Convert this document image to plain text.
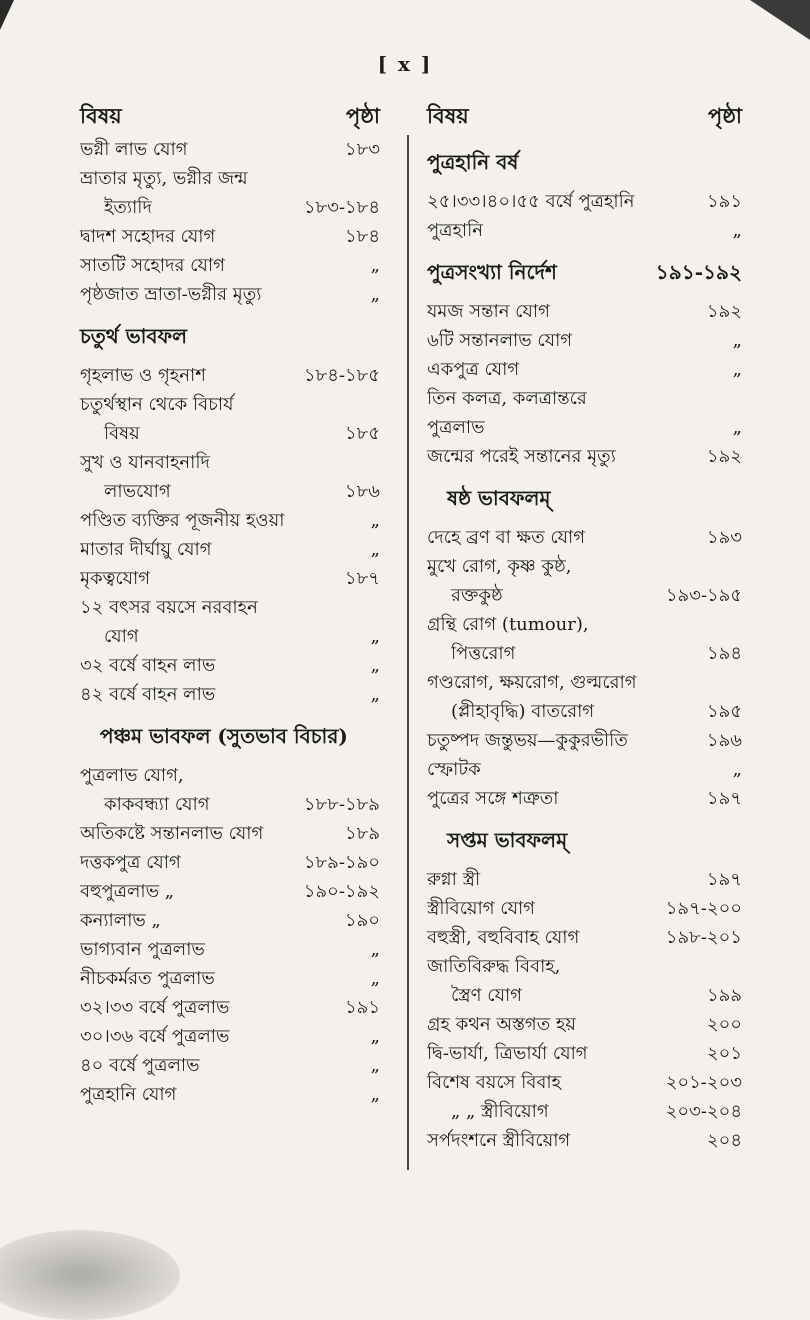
[ x ]
বিষয়	পৃষ্ঠা
ভগ্নী লাভ যোগ	১৮৩
ভ্রাতার মৃত্যু, ভগ্নীর জন্ম
ইত্যাদি	১৮৩-১৮৪
দ্বাদশ সহোদর যোগ	১৮৪
সাতটি সহোদর যোগ	„
পৃষ্ঠজাত ভ্রাতা-ভগ্নীর মৃত্যু	„
চতুর্থ ভাবফল
গৃহলাভ ও গৃহনাশ	১৮৪-১৮৫
চতুর্থস্থান থেকে বিচার্য
বিষয়	১৮৫
সুখ ও যানবাহনাদি
লাভযোগ	১৮৬
পণ্ডিত ব্যক্তির পূজনীয় হওয়া	„
মাতার দীর্ঘায়ু যোগ	„
মৃকত্বযোগ	১৮৭
১২ বৎসর বয়সে নরবাহন
যোগ	„
৩২ বর্ষে বাহন লাভ	„
৪২ বর্ষে বাহন লাভ	„
পঞ্চম ভাবফল (সুতভাব বিচার)
পুত্রলাভ যোগ,
কাকবন্ধ্যা যোগ	১৮৮-১৮৯
অতিকষ্টে সন্তানলাভ যোগ	১৮৯
দত্তকপুত্র যোগ	১৮৯-১৯০
বহুপুত্রলাভ „	১৯০-১৯২
কন্যালাভ „	১৯০
ভাগ্যবান পুত্রলাভ	„
নীচকর্মরত পুত্রলাভ	„
৩২।৩৩ বর্ষে পুত্রলাভ	১৯১
৩০।৩৬ বর্ষে পুত্রলাভ	„
৪০ বর্ষে পুত্রলাভ	„
পুত্রহানি যোগ	„
বিষয়	পৃষ্ঠা
পুত্রহানি বর্ষ
২৫।৩৩।৪০।৫৫ বর্ষে পুত্রহানি	১৯১
পুত্রহানি	„
পুত্রসংখ্যা নির্দেশ	১৯১-১৯২
যমজ সন্তান যোগ	১৯২
৬টি সন্তানলাভ যোগ	„
একপুত্র যোগ	„
তিন কলত্র, কলত্রান্তরে
পুত্রলাভ	„
জন্মের পরেই সন্তানের মৃত্যু	১৯২
ষষ্ঠ ভাবফলম্
দেহে ব্রণ বা ক্ষত যোগ	১৯৩
মুখে রোগ, কৃষ্ণ কুষ্ঠ,
রক্তকুষ্ঠ	১৯৩-১৯৫
গ্রন্থি রোগ (tumour),
পিত্তরোগ	১৯৪
গণ্ডরোগ, ক্ষয়রোগ, গুল্মরোগ
(প্লীহাবৃদ্ধি) বাতরোগ	১৯৫
চতুষ্পদ জন্তুভয়—কুকুরভীতি	১৯৬
স্ফোটক	„
পুত্রের সঙ্গে শত্রুতা	১৯৭
সপ্তম ভাবফলম্
রুগ্না স্ত্রী	১৯৭
স্ত্রীবিয়োগ যোগ	১৯৭-২০০
বহুস্ত্রী, বহুবিবাহ যোগ	১৯৮-২০১
জাতিবিরুদ্ধ বিবাহ,
স্ত্রৈণ যোগ	১৯৯
গ্রহ কথন অস্তগত হয়	২০০
দ্বি-ভার্যা, ত্রিভার্যা যোগ	২০১
বিশেষ বয়সে বিবাহ	২০১-২০৩
„ „ স্ত্রীবিয়োগ	২০৩-২০৪
সর্পদংশনে স্ত্রীবিয়োগ	২০৪
